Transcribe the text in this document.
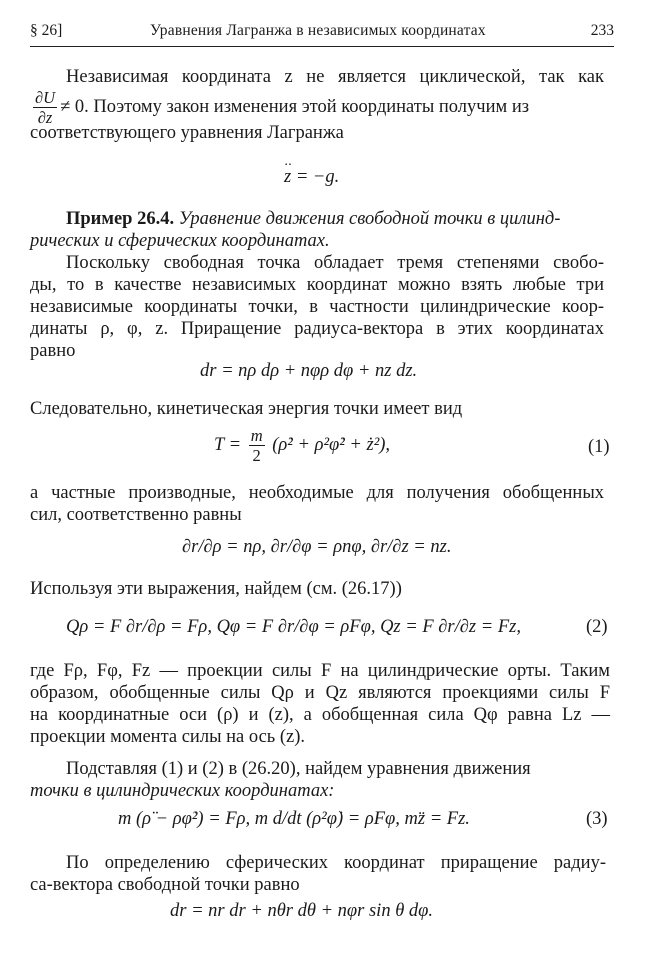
§ 26]	Уравнения Лагранжа в независимых координатах	233
Независимая координата z не является циклической, так как
$\frac{\partial U}{\partial z} \ne 0$. Поэтому закон изменения этой координаты получим из
соответствующего уравнения Лагранжа
·· z = −g.
Пример 26.4. Уравнение движения свободной точки в цилинд-
рических и сферических координатах.
Поскольку свободная точка обладает тремя степенями свобо-
ды, то в качестве независимых координат можно взять любые три
независимые координаты точки, в частности цилиндрические коор-
динаты ρ, φ, z. Приращение радиуса-вектора в этих координатах
равно
dr = nρ dρ + nφρ dφ + nz dz.
Следовательно, кинетическая энергия точки имеет вид
$T = \frac{m}{2}$ (ρ̇² + ρ²φ̇² + ż²),	(1)
а частные производные, необходимые для получения обобщенных
сил, соответственно равны
∂r/∂ρ = nρ, ∂r/∂φ = ρnφ, ∂r/∂z = nz.
Используя эти выражения, найдем (см. (26.17))
Qρ = F ∂r/∂ρ = Fρ, Qφ = F ∂r/∂φ = ρFφ, Qz = F ∂r/∂z = Fz,	(2)
где Fρ, Fφ, Fz — проекции силы F на цилиндрические орты. Таким
образом, обобщенные силы Qρ и Qz являются проекциями силы F
на координатные оси (ρ) и (z), а обобщенная сила Qφ равна Lz —
проекции момента силы на ось (z).
Подставляя (1) и (2) в (26.20), найдем уравнения движения
точки в цилиндрических координатах:
m (ρ̈ − ρφ̇²) = Fρ, m d/dt (ρ²φ̇) = ρFφ, mz̈ = Fz.	(3)
По определению сферических координат приращение радиу-
са-вектора свободной точки равно
dr = nr dr + nθr dθ + nφr sin θ dφ.
